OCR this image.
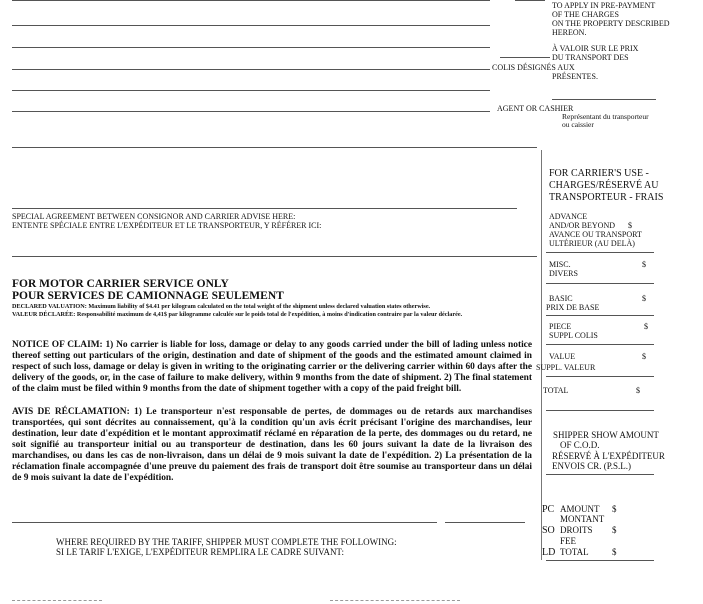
TO APPLY IN PRE-PAYMENT
OF THE CHARGES
ON THE PROPERTY DESCRIBED
HEREON.
À VALOIR SUR LE PRIX
DU TRANSPORT DES
COLIS DÉSIGNÉS AUX
PRÉSENTES.
AGENT OR CASHIER
Représentant du transporteur
ou caissier
FOR CARRIER'S USE -
CHARGES/RÉSERVÉ AU
TRANSPORTEUR - FRAIS
SPECIAL AGREEMENT BETWEEN CONSIGNOR AND CARRIER ADVISE HERE:
ENTENTE SPÉCIALE ENTRE L'EXPÉDITEUR ET LE TRANSPORTEUR, Y RÉFÉRER ICI:
ADVANCE
AND/OR BEYOND $
AVANCE OU TRANSPORT
ULTÉRIEUR (AU DELÀ)
MISC.	$
DIVERS
BASIC	$
PRIX DE BASE
PIECE	$
SUPPL COLIS
VALUE	$
SUPPL. VALEUR
TOTAL	$
FOR MOTOR CARRIER SERVICE ONLY
POUR SERVICES DE CAMIONNAGE SEULEMENT
DECLARED VALUATION: Maximum liability of $4.41 per kilogram calculated on the total weight of the shipment unless declared valuation states otherwise.
VALEUR DÉCLARÉE: Responsabilité maximum de 4,41$ par kilogramme calculée sur le poids total de l'expédition, à moins d'indication contraire par la valeur déclarée.
NOTICE OF CLAIM: 1) No carrier is liable for loss, damage or delay to any goods carried under the bill of lading unless notice thereof setting out particulars of the origin, destination and date of shipment of the goods and the estimated amount claimed in respect of such loss, damage or delay is given in writing to the originating carrier or the delivering carrier within 60 days after the delivery of the goods, or, in the case of failure to make delivery, within 9 months from the date of shipment. 2) The final statement of the claim must be filed within 9 months from the date of shipment together with a copy of the paid freight bill.
AVIS DE RÉCLAMATION: 1) Le transporteur n'est responsable de pertes, de dommages ou de retards aux marchandises transportées, qui sont décrites au connaissement, qu'à la condition qu'un avis écrit précisant l'origine des marchandises, leur destination, leur date d'expédition et le montant approximatif réclamé en réparation de la perte, des dommages ou du retard, ne soit signifié au transporteur initial ou au transporteur de destination, dans les 60 jours suivant la date de la livraison des marchandises, ou dans les cas de non-livraison, dans un délai de 9 mois suivant la date de l'expédition. 2) La présentation de la réclamation finale accompagnée d'une preuve du paiement des frais de transport doit être soumise au transporteur dans un délai de 9 mois suivant la date de l'expédition.
SHIPPER SHOW AMOUNT
OF C.O.D.
RÉSERVÉ À L'EXPÉDITEUR
ENVOIS CR. (P.S.L.)
PC AMOUNT $
MONTANT
SO DROITS $
FEE
LD TOTAL	$
WHERE REQUIRED BY THE TARIFF, SHIPPER MUST COMPLETE THE FOLLOWING:
SI LE TARIF L'EXIGE, L'EXPÉDITEUR REMPLIRA LE CADRE SUIVANT:
